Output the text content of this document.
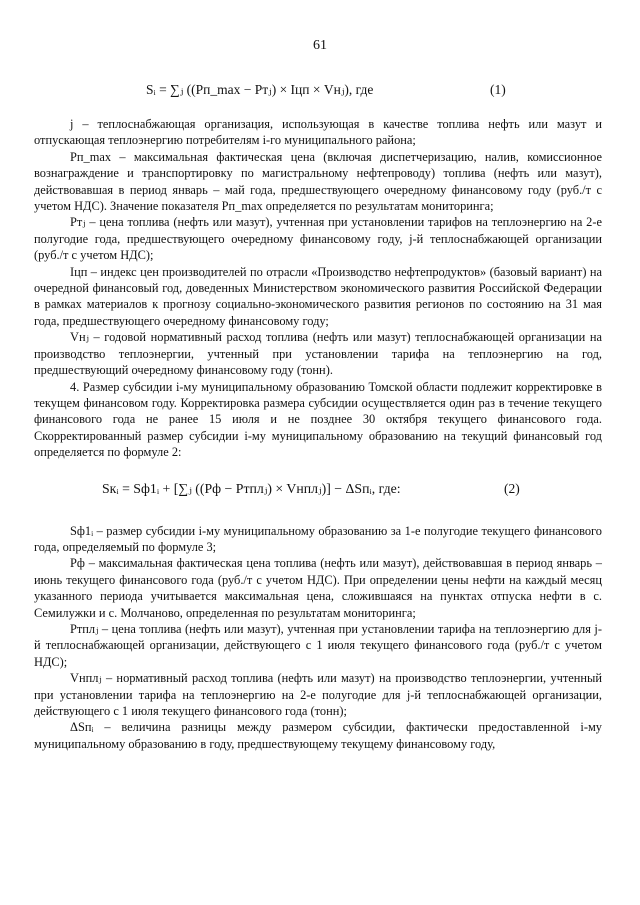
61
Sᵢ = ∑ⱼ ((Рп_max − Ртⱼ) × Iцп × Vнⱼ), где	(1)

j – теплоснабжающая организация, использующая в качестве топлива нефть или мазут и отпускающая теплоэнергию потребителям i-го муниципального района;

Рп_max – максимальная фактическая цена (включая диспетчеризацию, налив, комиссионное вознаграждение и транспортировку по магистральному нефтепроводу) топлива (нефть или мазут), действовавшая в период январь – май года, предшествующего очередному финансовому году (руб./т с учетом НДС). Значение показателя Рп_max определяется по результатам мониторинга;

Ртⱼ – цена топлива (нефть или мазут), учтенная при установлении тарифов на теплоэнергию на 2-е полугодие года, предшествующего очередному финансовому году, j-й теплоснабжающей организации (руб./т с учетом НДС);

Iцп – индекс цен производителей по отрасли «Производство нефтепродуктов» (базовый вариант) на очередной финансовый год, доведенных Министерством экономического развития Российской Федерации в рамках материалов к прогнозу социально-экономического развития регионов по состоянию на 31 мая года, предшествующего очередному финансовому году;

Vнⱼ – годовой нормативный расход топлива (нефть или мазут) теплоснабжающей организации на производство теплоэнергии, учтенный при установлении тарифа на теплоэнергию на год, предшествующий очередному финансовому году (тонн).

4. Размер субсидии i-му муниципальному образованию Томской области подлежит корректировке в текущем финансовом году. Корректировка размера субсидии осуществляется один раз в течение текущего финансового года не ранее 15 июля и не позднее 30 октября текущего финансового года. Скорректированный размер субсидии i-му муниципальному образованию на текущий финансовый год определяется по формуле 2:

Sкᵢ = Sф1ᵢ + [∑ⱼ ((Рф − Ртплⱼ) × Vнплⱼ)] − ΔSпᵢ, где:	(2)

Sф1ᵢ – размер субсидии i-му муниципальному образованию за 1-е полугодие текущего финансового года, определяемый по формуле 3;

Рф – максимальная фактическая цена топлива (нефть или мазут), действовавшая в период январь – июнь текущего финансового года (руб./т с учетом НДС). При определении цены нефти на каждый месяц указанного периода учитывается максимальная цена, сложившаяся на пунктах отпуска нефти в с. Семилужки и с. Молчаново, определенная по результатам мониторинга;

Ртплⱼ – цена топлива (нефть или мазут), учтенная при установлении тарифа на теплоэнергию для j-й теплоснабжающей организации, действующего с 1 июля текущего финансового года (руб./т с учетом НДС);

Vнплⱼ – нормативный расход топлива (нефть или мазут) на производство теплоэнергии, учтенный при установлении тарифа на теплоэнергию на 2-е полугодие для j-й теплоснабжающей организации, действующего с 1 июля текущего финансового года (тонн);

ΔSпᵢ – величина разницы между размером субсидии, фактически предоставленной i-му муниципальному образованию в году, предшествующему текущему финансовому году,
